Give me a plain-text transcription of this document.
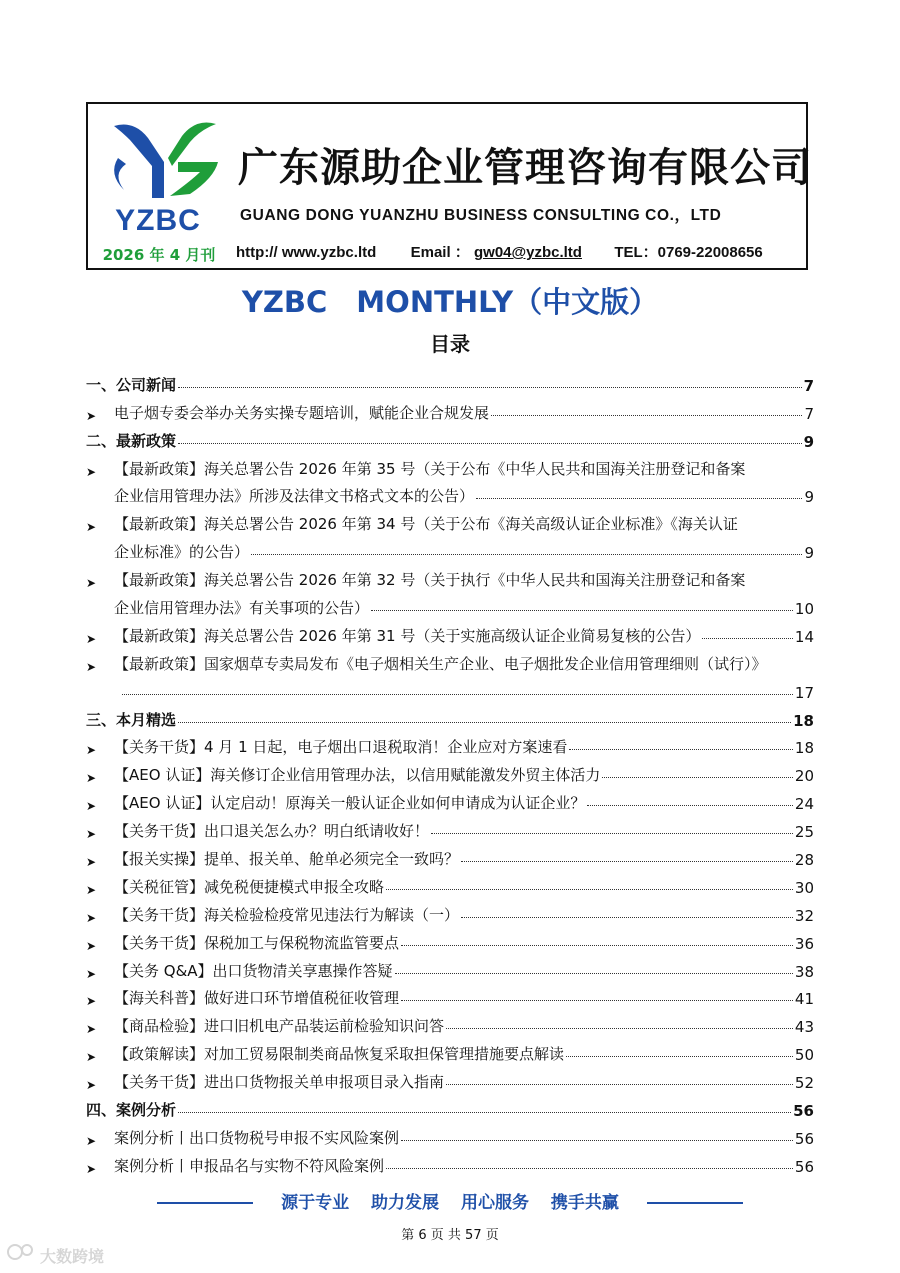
YZBC
2026 年 4 月刊
广东源助企业管理咨询有限公司
GUANG DONG YUANZHU BUSINESS CONSULTING CO.，LTD
http:// www.yzbc.ltd Email ： gw04@yzbc.ltd TEL：0769-22008656
YZBC　MONTHLY（中文版）
目录
一、公司新闻	7
➤	电子烟专委会举办关务实操专题培训，赋能企业合规发展	7
二、最新政策	9
➤	【最新政策】海关总署公告 2026 年第 35 号（关于公布《中华人民共和国海关注册登记和备案
企业信用管理办法》所涉及法律文书格式文本的公告）	9
➤	【最新政策】海关总署公告 2026 年第 34 号（关于公布《海关高级认证企业标准》《海关认证
企业标准》的公告）	9
➤	【最新政策】海关总署公告 2026 年第 32 号（关于执行《中华人民共和国海关注册登记和备案
企业信用管理办法》有关事项的公告）	10
➤	【最新政策】海关总署公告 2026 年第 31 号（关于实施高级认证企业简易复核的公告）	14
➤	【最新政策】国家烟草专卖局发布《电子烟相关生产企业、电子烟批发企业信用管理细则（试行）》
17
三、本月精选	18
➤	【关务干货】4 月 1 日起，电子烟出口退税取消！企业应对方案速看	18
➤	【AEO 认证】海关修订企业信用管理办法，以信用赋能激发外贸主体活力	20
➤	【AEO 认证】认定启动！原海关一般认证企业如何申请成为认证企业？	24
➤	【关务干货】出口退关怎么办？明白纸请收好！	25
➤	【报关实操】提单、报关单、舱单必须完全一致吗？	28
➤	【关税征管】减免税便捷模式申报全攻略	30
➤	【关务干货】海关检验检疫常见违法行为解读（一）	32
➤	【关务干货】保税加工与保税物流监管要点	36
➤	【关务 Q&A】出口货物清关享惠操作答疑	38
➤	【海关科普】做好进口环节增值税征收管理	41
➤	【商品检验】进口旧机电产品装运前检验知识问答	43
➤	【政策解读】对加工贸易限制类商品恢复采取担保管理措施要点解读	50
➤	【关务干货】进出口货物报关单申报项目录入指南	52
四、案例分析	56
➤	案例分析丨出口货物税号申报不实风险案例	56
➤	案例分析丨申报品名与实物不符风险案例	56
源于专业 助力发展 用心服务 携手共赢
第 6 页 共 57 页
大数跨境
